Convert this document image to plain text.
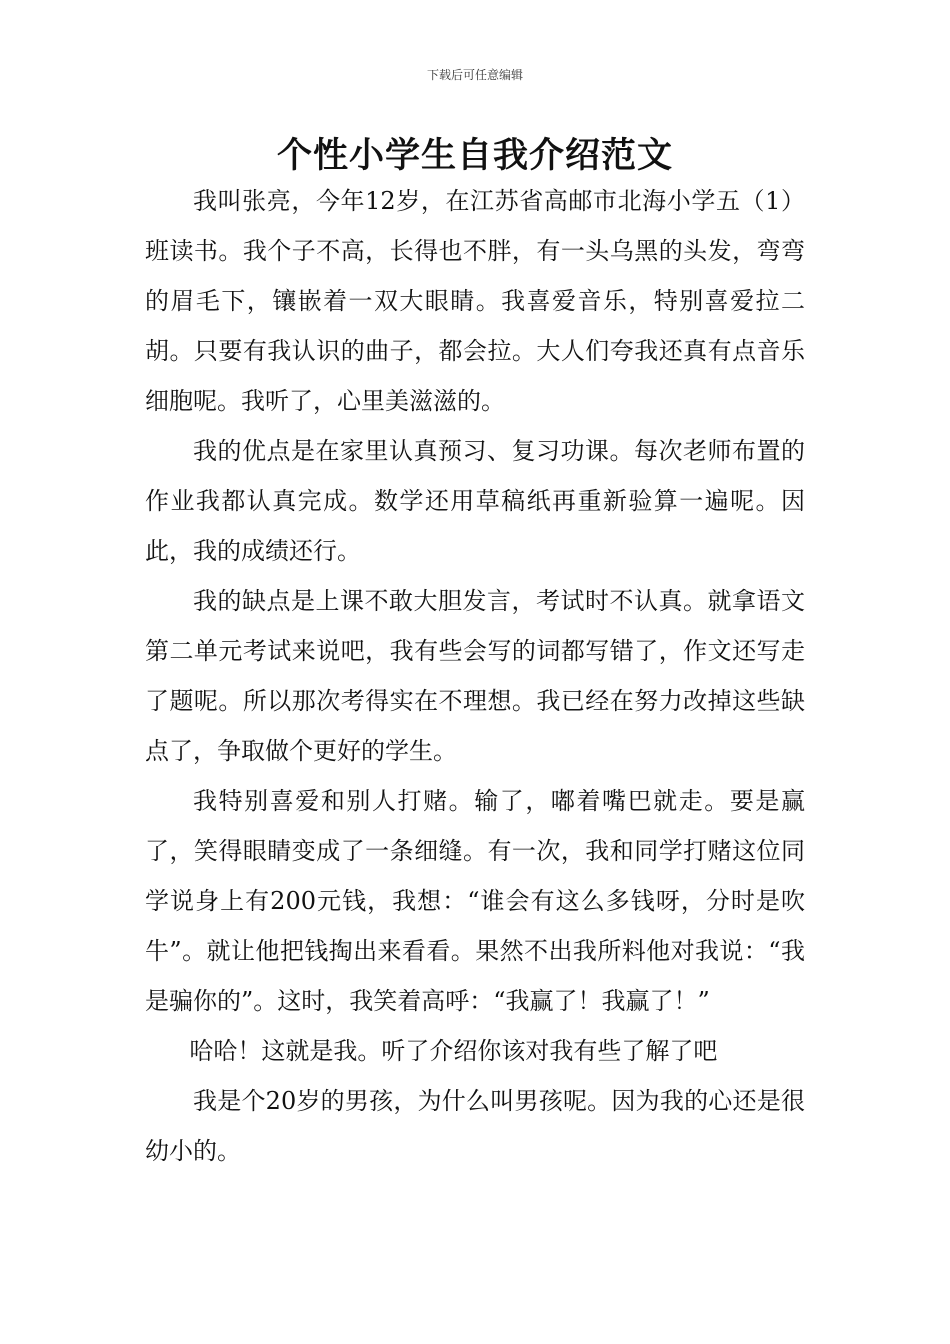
下载后可任意编辑
个性小学生自我介绍范文

我叫张亮，今年12岁，在江苏省高邮市北海小学五（1）班读书。我个子不高，长得也不胖，有一头乌黑的头发，弯弯的眉毛下，镶嵌着一双大眼睛。我喜爱音乐，特别喜爱拉二胡。只要有我认识的曲子，都会拉。大人们夸我还真有点音乐细胞呢。我听了，心里美滋滋的。

我的优点是在家里认真预习、复习功课。每次老师布置的作业我都认真完成。数学还用草稿纸再重新验算一遍呢。因此，我的成绩还行。

我的缺点是上课不敢大胆发言，考试时不认真。就拿语文第二单元考试来说吧，我有些会写的词都写错了，作文还写走了题呢。所以那次考得实在不理想。我已经在努力改掉这些缺点了，争取做个更好的学生。

我特别喜爱和别人打赌。输了，嘟着嘴巴就走。要是赢了，笑得眼睛变成了一条细缝。有一次，我和同学打赌这位同学说身上有200元钱，我想：“谁会有这么多钱呀，分时是吹牛”。就让他把钱掏出来看看。果然不出我所料他对我说：“我是骗你的”。这时，我笑着高呼：“我赢了！我赢了！”

哈哈！这就是我。听了介绍你该对我有些了解了吧

我是个20岁的男孩，为什么叫男孩呢。因为我的心还是很幼小的。
